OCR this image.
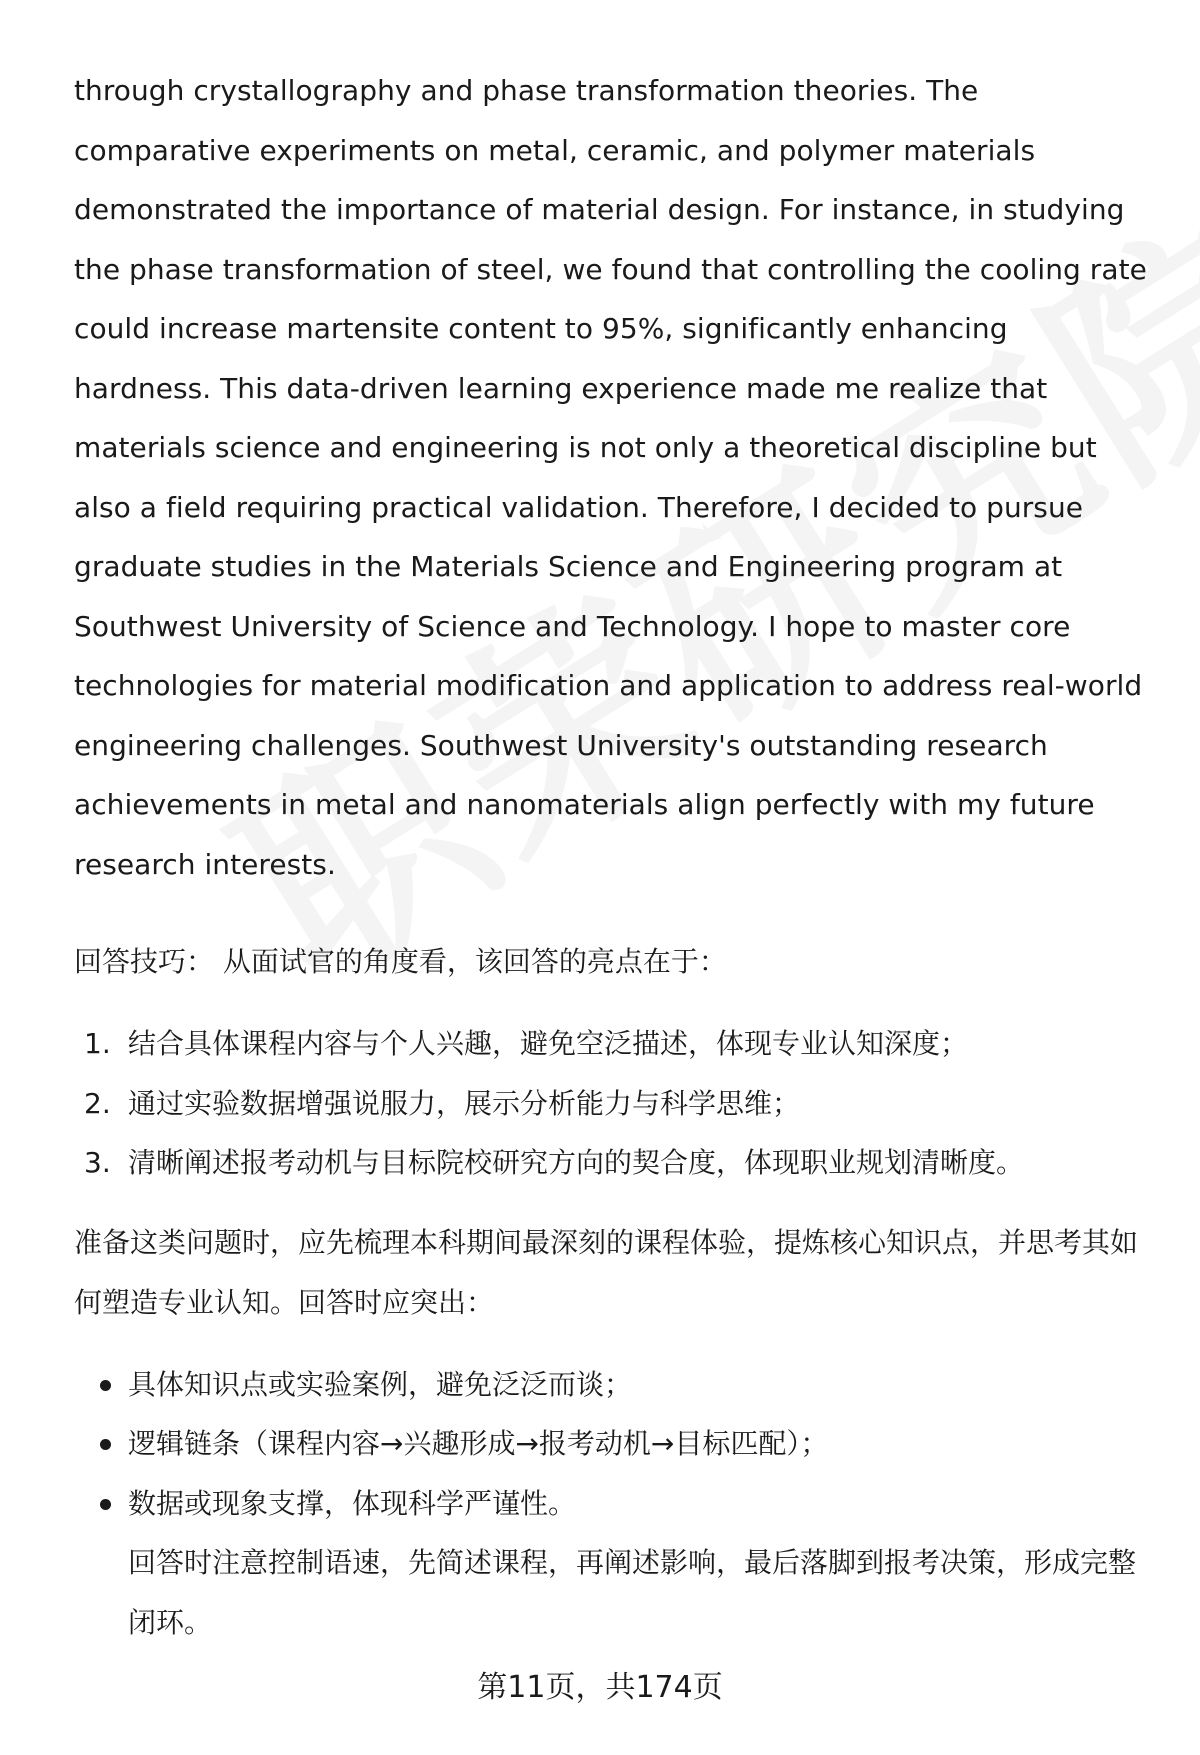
through crystallography and phase transformation theories. The comparative experiments on metal, ceramic, and polymer materials demonstrated the importance of material design. For instance, in studying the phase transformation of steel, we found that controlling the cooling rate could increase martensite content to 95%, significantly enhancing hardness. This data-driven learning experience made me realize that materials science and engineering is not only a theoretical discipline but also a field requiring practical validation. Therefore, I decided to pursue graduate studies in the Materials Science and Engineering program at Southwest University of Science and Technology. I hope to master core technologies for material modification and application to address real-world engineering challenges. Southwest University's outstanding research achievements in metal and nanomaterials align perfectly with my future research interests.

回答技巧： 从面试官的角度看，该回答的亮点在于：

1. 结合具体课程内容与个人兴趣，避免空泛描述，体现专业认知深度；
2. 通过实验数据增强说服力，展示分析能力与科学思维；
3. 清晰阐述报考动机与目标院校研究方向的契合度，体现职业规划清晰度。

准备这类问题时，应先梳理本科期间最深刻的课程体验，提炼核心知识点，并思考其如何塑造专业认知。回答时应突出：

具体知识点或实验案例，避免泛泛而谈；
逻辑链条（课程内容→兴趣形成→报考动机→目标匹配）；
数据或现象支撑，体现科学严谨性。

回答时注意控制语速，先简述课程，再阐述影响，最后落脚到报考决策，形成完整闭环。

第11页，共174页
